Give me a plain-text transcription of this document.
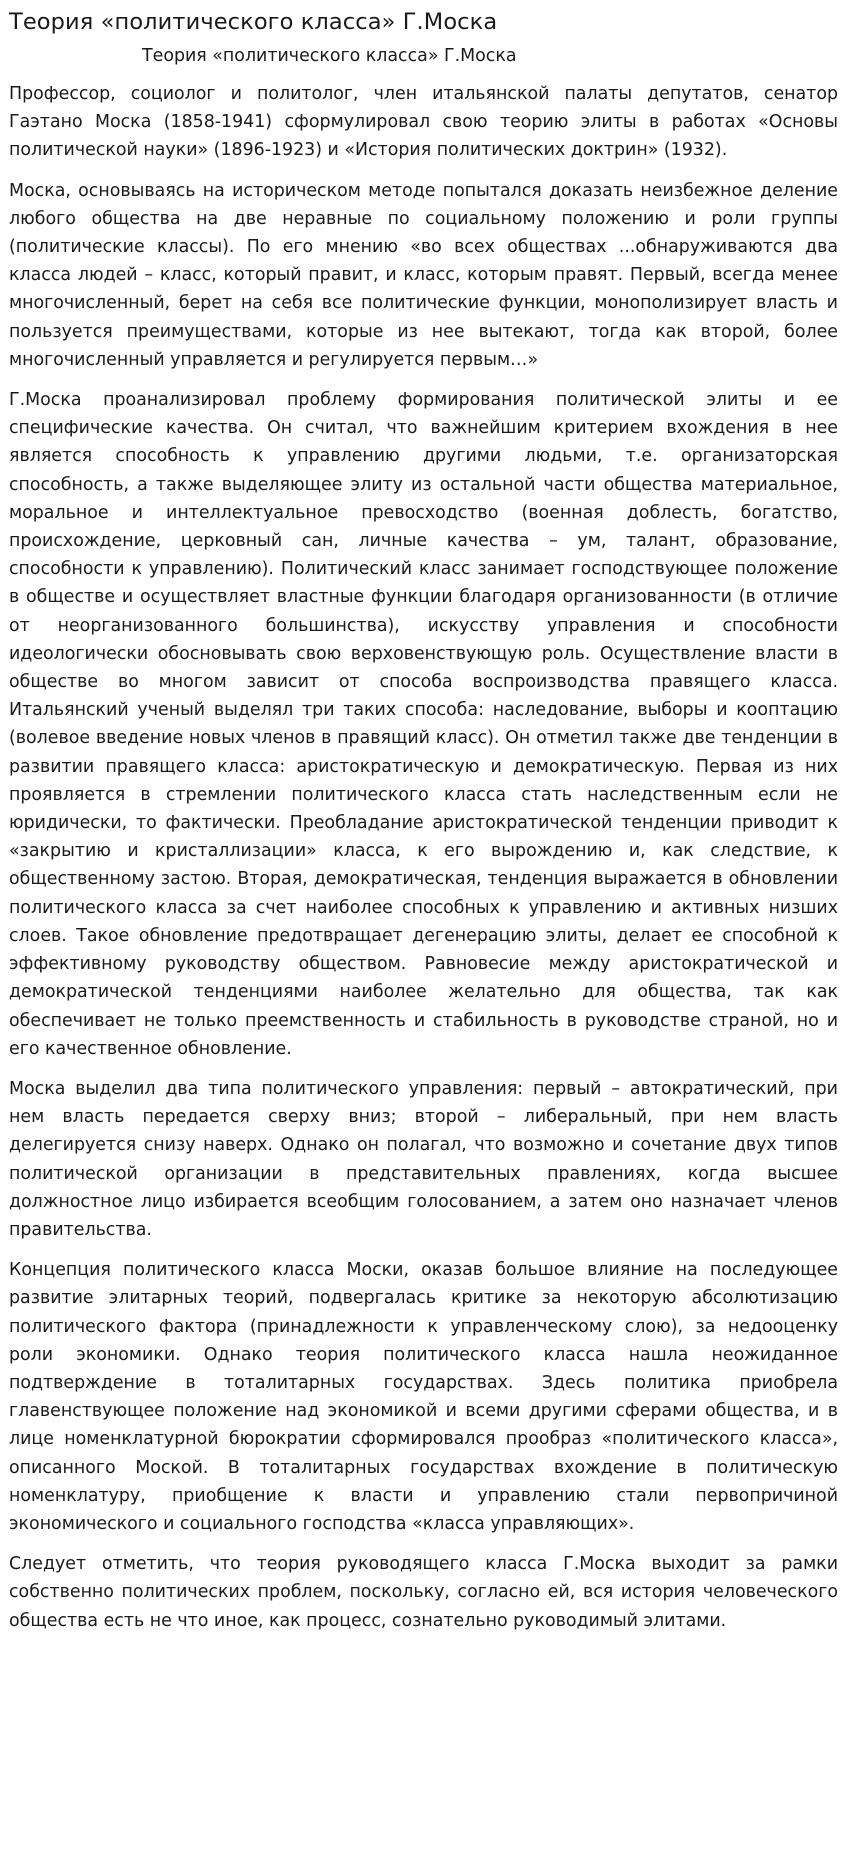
Теория «политического класса» Г.Моска
Теория «политического класса» Г.Моска

Профессор, социолог и политолог, член итальянской палаты депутатов, сенатор Гаэтано Моска (1858-1941) сформулировал свою теорию элиты в работах «Основы политической науки» (1896-1923) и «История политических доктрин» (1932).

Моска, основываясь на историческом методе попытался доказать неизбежное деление любого общества на две неравные по социальному положению и роли группы (политические классы). По его мнению «во всех обществах ...обнаруживаются два класса людей – класс, который правит, и класс, которым правят. Первый, всегда менее многочисленный, берет на себя все политические функции, монополизирует власть и пользуется преимуществами, которые из нее вытекают, тогда как второй, более многочисленный управляется и регулируется первым…»

Г.Моска проанализировал проблему формирования политической элиты и ее специфические качества. Он считал, что важнейшим критерием вхождения в нее является способность к управлению другими людьми, т.е. организаторская способность, а также выделяющее элиту из остальной части общества материальное, моральное и интеллектуальное превосходство (военная доблесть, богатство, происхождение, церковный сан, личные качества – ум, талант, образование, способности к управлению). Политический класс занимает господствующее положение в обществе и осуществляет властные функции благодаря организованности (в отличие от неорганизованного большинства), искусству управления и способности идеологически обосновывать свою верховенствующую роль. Осуществление власти в обществе во многом зависит от способа воспроизводства правящего класса. Итальянский ученый выделял три таких способа: наследование, выборы и кооптацию (волевое введение новых членов в правящий класс). Он отметил также две тенденции в развитии правящего класса: аристократическую и демократическую. Первая из них проявляется в стремлении политического класса стать наследственным если не юридически, то фактически. Преобладание аристократической тенденции приводит к «закрытию и кристаллизации» класса, к его вырождению и, как следствие, к общественному застою. Вторая, демократическая, тенденция выражается в обновлении политического класса за счет наиболее способных к управлению и активных низших слоев. Такое обновление предотвращает дегенерацию элиты, делает ее способной к эффективному руководству обществом. Равновесие между аристократической и демократической тенденциями наиболее желательно для общества, так как обеспечивает не только преемственность и стабильность в руководстве страной, но и его качественное обновление.

Моска выделил два типа политического управления: первый – автократический, при нем власть передается сверху вниз; второй – либеральный, при нем власть делегируется снизу наверх. Однако он полагал, что возможно и сочетание двух типов политической организации в представительных правлениях, когда высшее должностное лицо избирается всеобщим голосованием, а затем оно назначает членов правительства.

Концепция политического класса Моски, оказав большое влияние на последующее развитие элитарных теорий, подвергалась критике за некоторую абсолютизацию политического фактора (принадлежности к управленческому слою), за недооценку роли экономики. Однако теория политического класса нашла неожиданное подтверждение в тоталитарных государствах. Здесь политика приобрела главенствующее положение над экономикой и всеми другими сферами общества, и в лице номенклатурной бюрократии сформировался прообраз «политического класса», описанного Моской. В тоталитарных государствах вхождение в политическую номенклатуру, приобщение к власти и управлению стали первопричиной экономического и социального господства «класса управляющих».

Следует отметить, что теория руководящего класса Г.Моска выходит за рамки собственно политических проблем, поскольку, согласно ей, вся история человеческого общества есть не что иное, как процесс, сознательно руководимый элитами.
